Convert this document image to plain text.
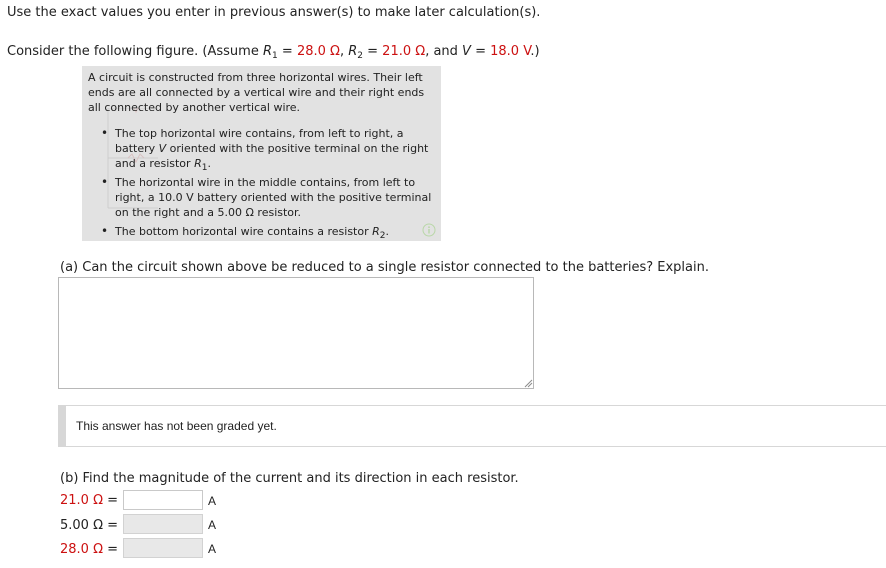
Use the exact values you enter in previous answer(s) to make later calculation(s).
Consider the following figure. (Assume $R_1 = 28.0$ Ω, $R_2 = 21.0$ Ω, and V = 18.0 V.)
A circuit is constructed from three horizontal wires. Their left ends are all connected by a vertical wire and their right ends all connected by another vertical wire.
• The top horizontal wire contains, from left to right, a battery V oriented with the positive terminal on the right and a resistor $R_1$.
• The horizontal wire in the middle contains, from left to right, a 10.0 V battery oriented with the positive terminal on the right and a 5.00 Ω resistor.
• The bottom horizontal wire contains a resistor $R_2$.
(a) Can the circuit shown above be reduced to a single resistor connected to the batteries? Explain.
This answer has not been graded yet.
(b) Find the magnitude of the current and its direction in each resistor.
21.0 Ω =	A
5.00 Ω =	A
28.0 Ω =	A
